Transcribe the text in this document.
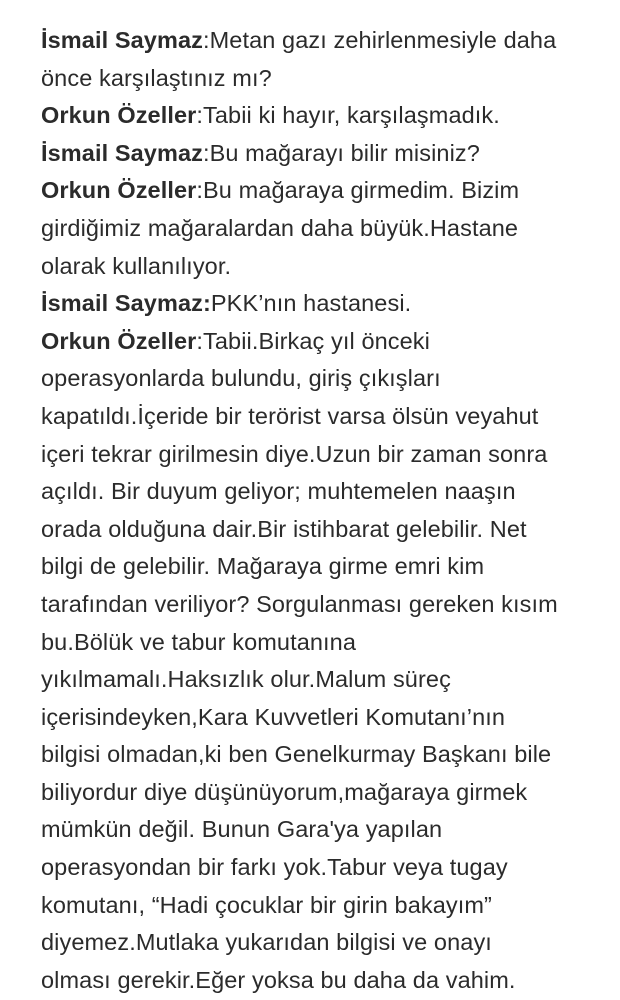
İsmail Saymaz:Metan gazı zehirlenmesiyle daha
önce karşılaştınız mı?
Orkun Özeller:Tabii ki hayır, karşılaşmadık.
İsmail Saymaz:Bu mağarayı bilir misiniz?
Orkun Özeller:Bu mağaraya girmedim. Bizim
girdiğimiz mağaralardan daha büyük.Hastane
olarak kullanılıyor.
İsmail Saymaz:PKK’nın hastanesi.
Orkun Özeller:Tabii.Birkaç yıl önceki
operasyonlarda bulundu, giriş çıkışları
kapatıldı.İçeride bir terörist varsa ölsün veyahut
içeri tekrar girilmesin diye.Uzun bir zaman sonra
açıldı. Bir duyum geliyor; muhtemelen naaşın
orada olduğuna dair.Bir istihbarat gelebilir. Net
bilgi de gelebilir. Mağaraya girme emri kim
tarafından veriliyor? Sorgulanması gereken kısım
bu.Bölük ve tabur komutanına
yıkılmamalı.Haksızlık olur.Malum süreç
içerisindeyken,Kara Kuvvetleri Komutanı’nın
bilgisi olmadan,ki ben Genelkurmay Başkanı bile
biliyordur diye düşünüyorum,mağaraya girmek
mümkün değil. Bunun Gara'ya yapılan
operasyondan bir farkı yok.Tabur veya tugay
komutanı, “Hadi çocuklar bir girin bakayım”
diyemez.Mutlaka yukarıdan bilgisi ve onayı
olması gerekir.Eğer yoksa bu daha da vahim.
